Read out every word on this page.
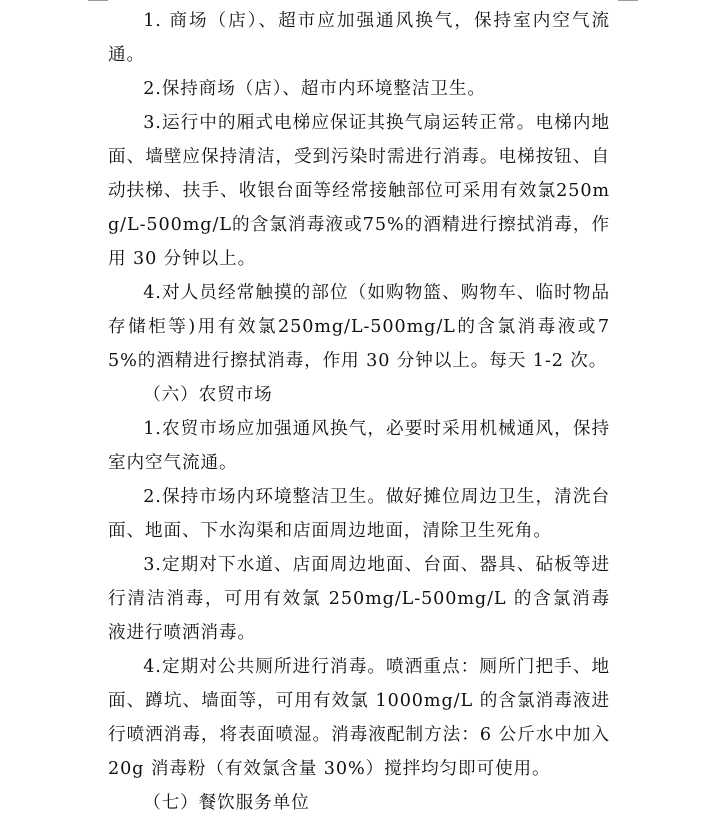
1. 商场（店）、超市应加强通风换气，保持室内空气流通。

2.保持商场（店）、超市内环境整洁卫生。

3.运行中的厢式电梯应保证其换气扇运转正常。电梯内地面、墙壁应保持清洁，受到污染时需进行消毒。电梯按钮、自动扶梯、扶手、收银台面等经常接触部位可采用有效氯250mg/L-500mg/L的含氯消毒液或75%的酒精进行擦拭消毒，作用 30 分钟以上。

4.对人员经常触摸的部位（如购物篮、购物车、临时物品存储柜等)用有效氯250mg/L-500mg/L的含氯消毒液或75%的酒精进行擦拭消毒，作用 30 分钟以上。每天 1-2 次。

（六）农贸市场

1.农贸市场应加强通风换气，必要时采用机械通风，保持室内空气流通。

2.保持市场内环境整洁卫生。做好摊位周边卫生，清洗台面、地面、下水沟渠和店面周边地面，清除卫生死角。

3.定期对下水道、店面周边地面、台面、器具、砧板等进行清洁消毒，可用有效氯 250mg/L-500mg/L 的含氯消毒液进行喷洒消毒。

4.定期对公共厕所进行消毒。喷洒重点：厕所门把手、地面、蹲坑、墙面等，可用有效氯 1000mg/L 的含氯消毒液进行喷洒消毒，将表面喷湿。消毒液配制方法：6 公斤水中加入 20g 消毒粉（有效氯含量 30%）搅拌均匀即可使用。

（七）餐饮服务单位
